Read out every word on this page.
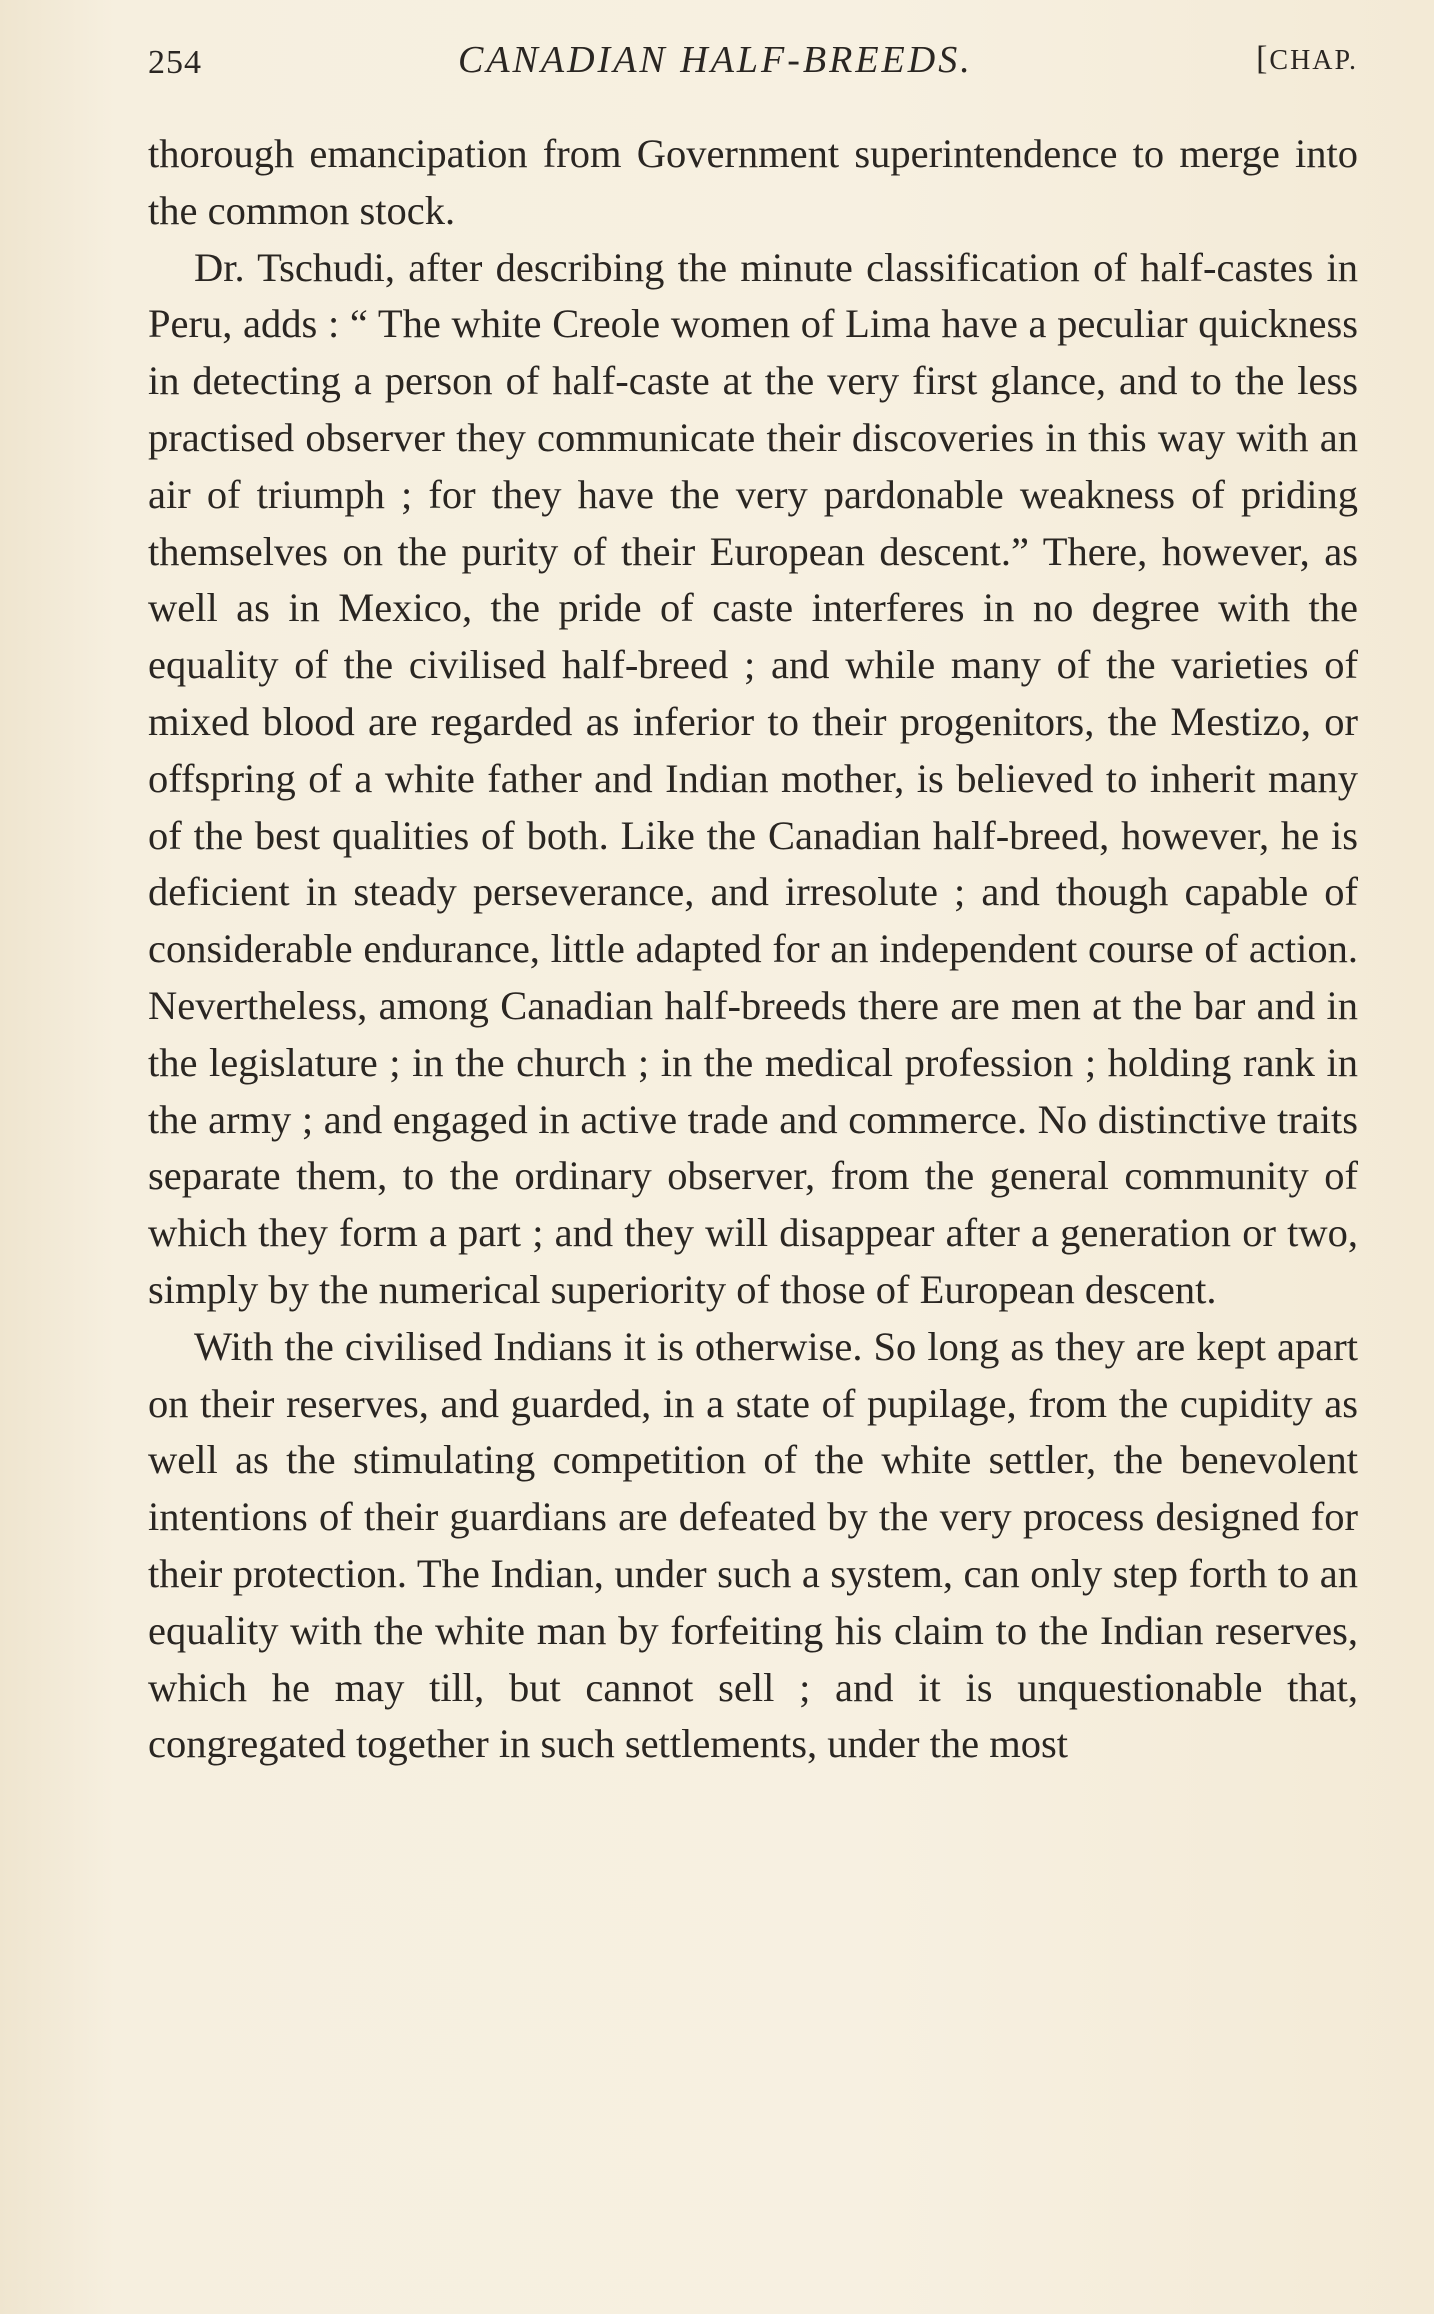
254	CANADIAN HALF-BREEDS.	[CHAP.

thorough emancipation from Government superintendence to merge into the common stock.

Dr. Tschudi, after describing the minute classification of half-castes in Peru, adds : “ The white Creole women of Lima have a peculiar quickness in detecting a person of half-caste at the very first glance, and to the less practised observer they communicate their discoveries in this way with an air of triumph ; for they have the very pardonable weakness of priding themselves on the purity of their European descent.” There, however, as well as in Mexico, the pride of caste interferes in no degree with the equality of the civilised half-breed ; and while many of the varieties of mixed blood are regarded as inferior to their progenitors, the Mestizo, or offspring of a white father and Indian mother, is believed to inherit many of the best qualities of both. Like the Canadian half-breed, however, he is deficient in steady perseverance, and irresolute ; and though capable of considerable endurance, little adapted for an independent course of action. Nevertheless, among Canadian half-breeds there are men at the bar and in the legislature ; in the church ; in the medical profession ; holding rank in the army ; and engaged in active trade and commerce. No distinctive traits separate them, to the ordinary observer, from the general community of which they form a part ; and they will disappear after a generation or two, simply by the numerical superiority of those of European descent.

With the civilised Indians it is otherwise. So long as they are kept apart on their reserves, and guarded, in a state of pupilage, from the cupidity as well as the stimulating competition of the white settler, the benevolent intentions of their guardians are defeated by the very process designed for their protection. The Indian, under such a system, can only step forth to an equality with the white man by forfeiting his claim to the Indian reserves, which he may till, but cannot sell ; and it is unquestionable that, congregated together in such settlements, under the most
